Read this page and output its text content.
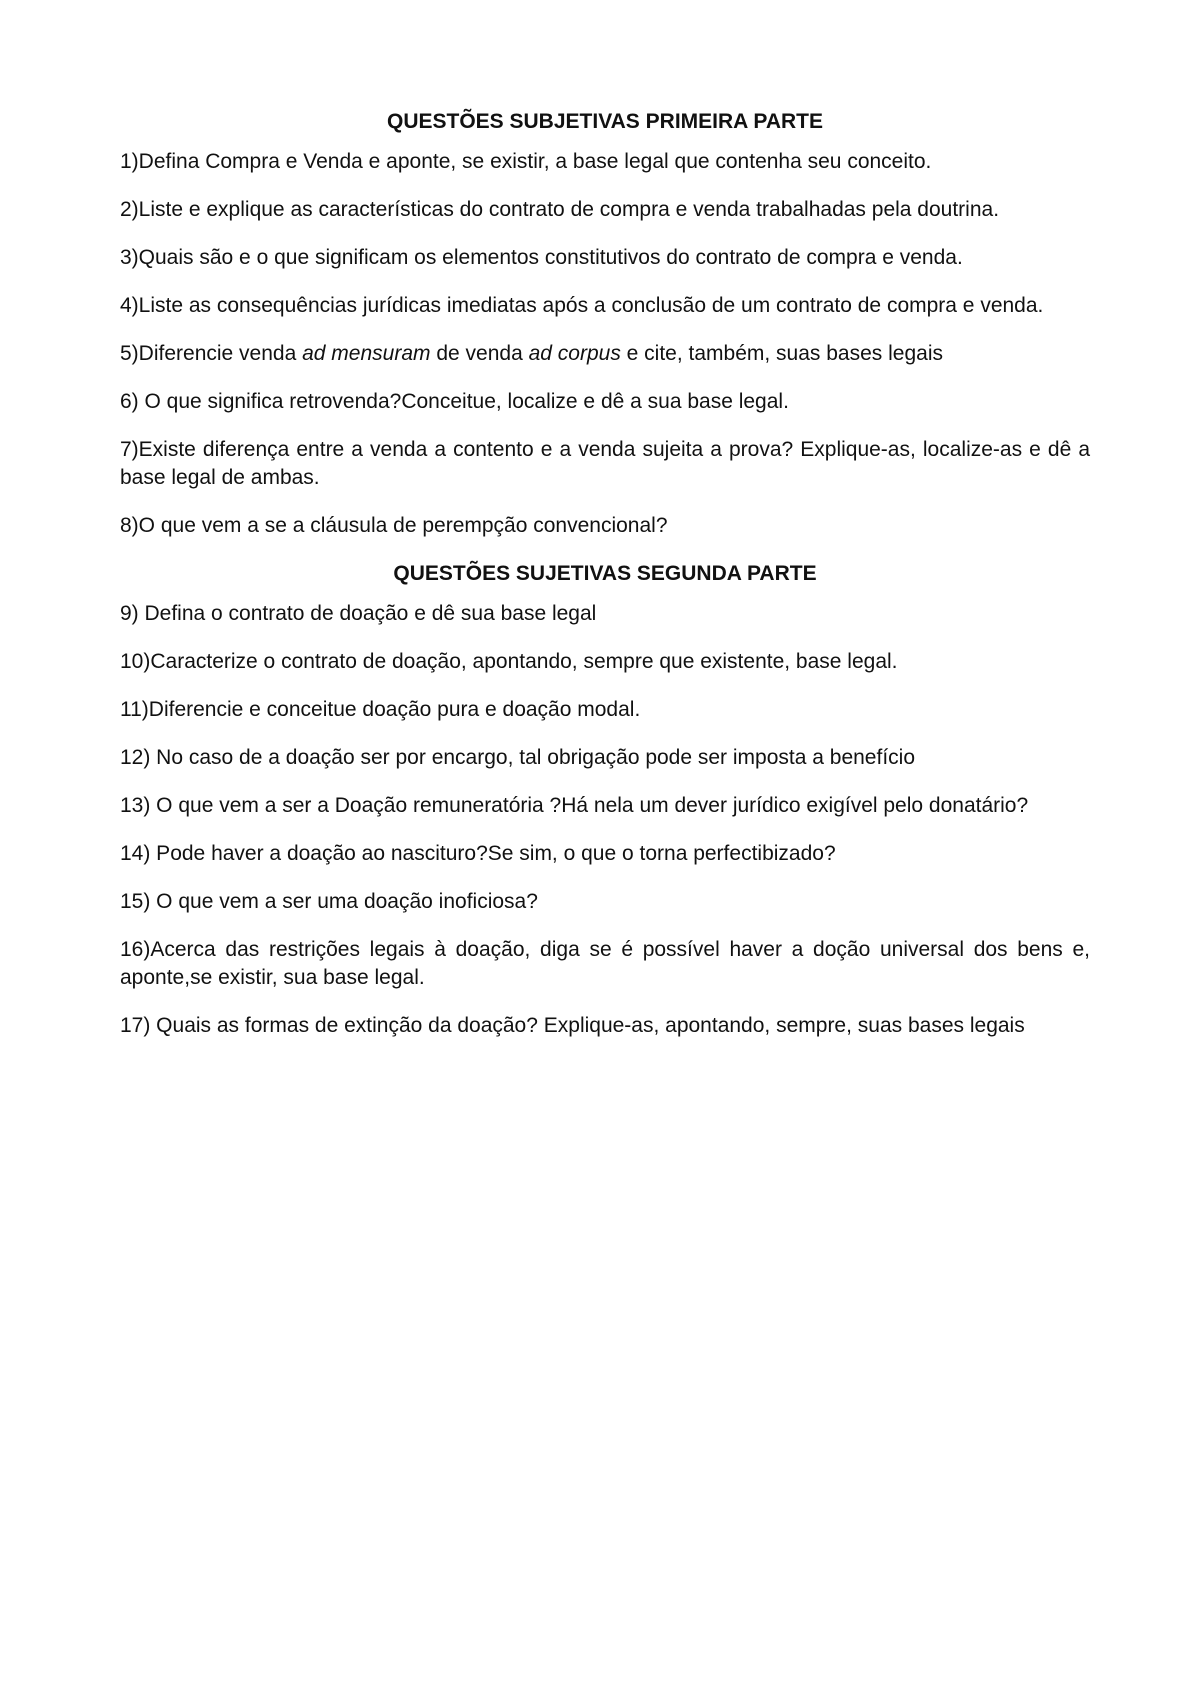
QUESTÕES SUBJETIVAS PRIMEIRA PARTE

1)Defina Compra e Venda e aponte, se existir, a base legal que contenha seu conceito.

2)Liste e explique as características do contrato de compra e venda trabalhadas pela doutrina.

3)Quais são e o que significam os elementos constitutivos do contrato de compra e venda.

4)Liste as consequências jurídicas imediatas após a conclusão de um contrato de compra e venda.

5)Diferencie venda ad mensuram de venda ad corpus e cite, também, suas bases legais

6) O que significa retrovenda?Conceitue, localize e dê a sua base legal.

7)Existe diferença entre a venda a contento e a venda sujeita a prova? Explique-as, localize-as e dê a base legal de ambas.

8)O que vem a se a cláusula de perempção convencional?

QUESTÕES SUJETIVAS SEGUNDA PARTE

9) Defina o contrato de doação e dê sua base legal

10)Caracterize o contrato de doação, apontando, sempre que existente, base legal.

11)Diferencie e conceitue doação pura e doação modal.

12) No caso de a doação ser por encargo, tal obrigação pode ser imposta a benefício

13) O que vem a ser a Doação remuneratória ?Há nela um dever jurídico exigível pelo donatário?

14) Pode haver a doação ao nascituro?Se sim, o que o torna perfectibizado?

15) O que vem a ser uma doação inoficiosa?

16)Acerca das restrições legais à doação, diga se é possível haver a doção universal dos bens e, aponte,se existir, sua base legal.

17) Quais as formas de extinção da doação? Explique-as, apontando, sempre, suas bases legais
